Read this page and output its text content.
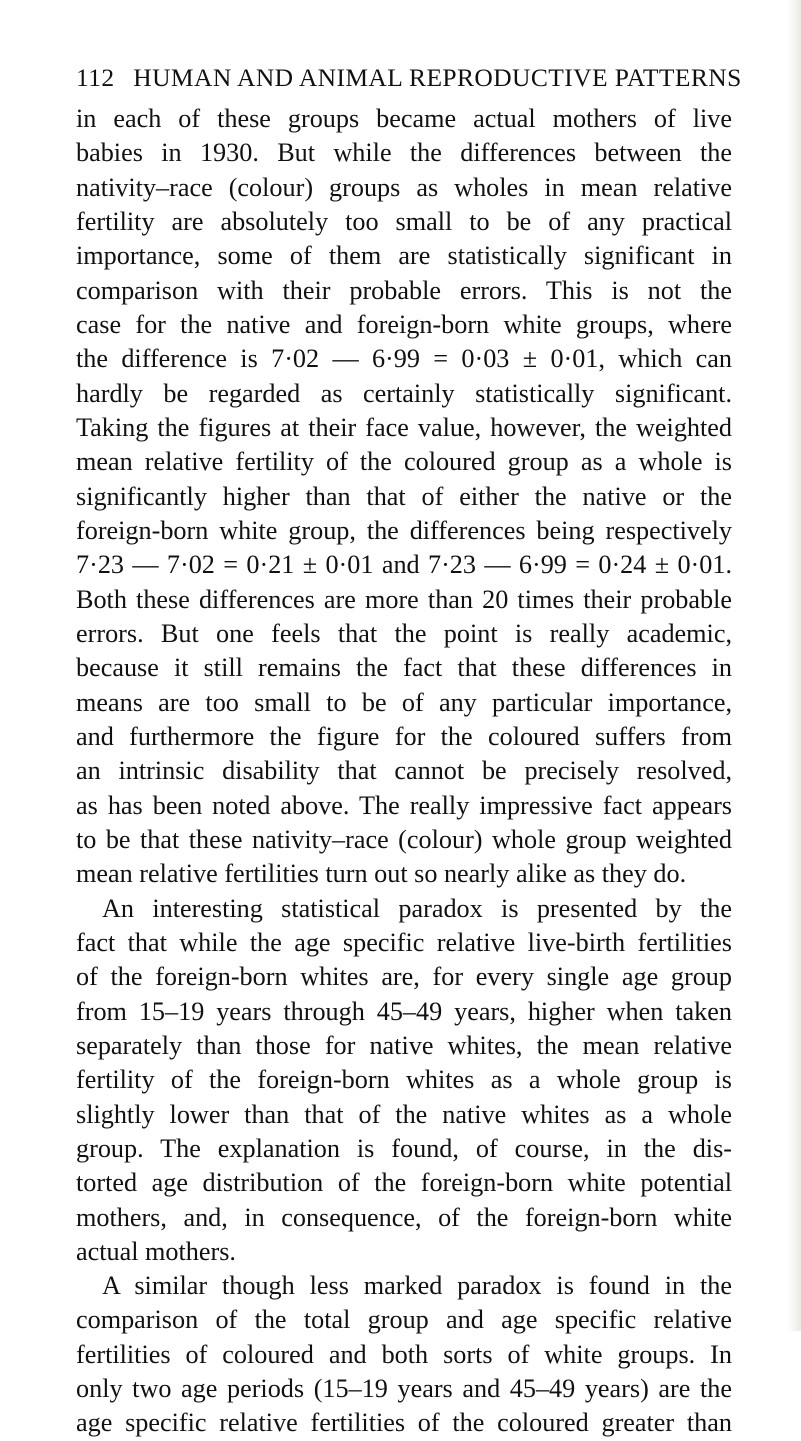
112 HUMAN AND ANIMAL REPRODUCTIVE PATTERNS
in each of these groups became actual mothers of live
babies in 1930. But while the differences between the
nativity–race (colour) groups as wholes in mean relative
fertility are absolutely too small to be of any practical
importance, some of them are statistically significant in
comparison with their probable errors. This is not the
case for the native and foreign-born white groups, where
the difference is 7·02 — 6·99 = 0·03 ± 0·01, which can
hardly be regarded as certainly statistically significant.
Taking the figures at their face value, however, the weighted
mean relative fertility of the coloured group as a whole is
significantly higher than that of either the native or the
foreign-born white group, the differences being respectively
7·23 — 7·02 = 0·21 ± 0·01 and 7·23 — 6·99 = 0·24 ± 0·01.
Both these differences are more than 20 times their probable
errors. But one feels that the point is really academic,
because it still remains the fact that these differences in
means are too small to be of any particular importance,
and furthermore the figure for the coloured suffers from
an intrinsic disability that cannot be precisely resolved,
as has been noted above. The really impressive fact appears
to be that these nativity–race (colour) whole group weighted
mean relative fertilities turn out so nearly alike as they do.
An interesting statistical paradox is presented by the
fact that while the age specific relative live-birth fertilities
of the foreign-born whites are, for every single age group
from 15–19 years through 45–49 years, higher when taken
separately than those for native whites, the mean relative
fertility of the foreign-born whites as a whole group is
slightly lower than that of the native whites as a whole
group. The explanation is found, of course, in the dis-
torted age distribution of the foreign-born white potential
mothers, and, in consequence, of the foreign-born white
actual mothers.
A similar though less marked paradox is found in the
comparison of the total group and age specific relative
fertilities of coloured and both sorts of white groups. In
only two age periods (15–19 years and 45–49 years) are the
age specific relative fertilities of the coloured greater than
